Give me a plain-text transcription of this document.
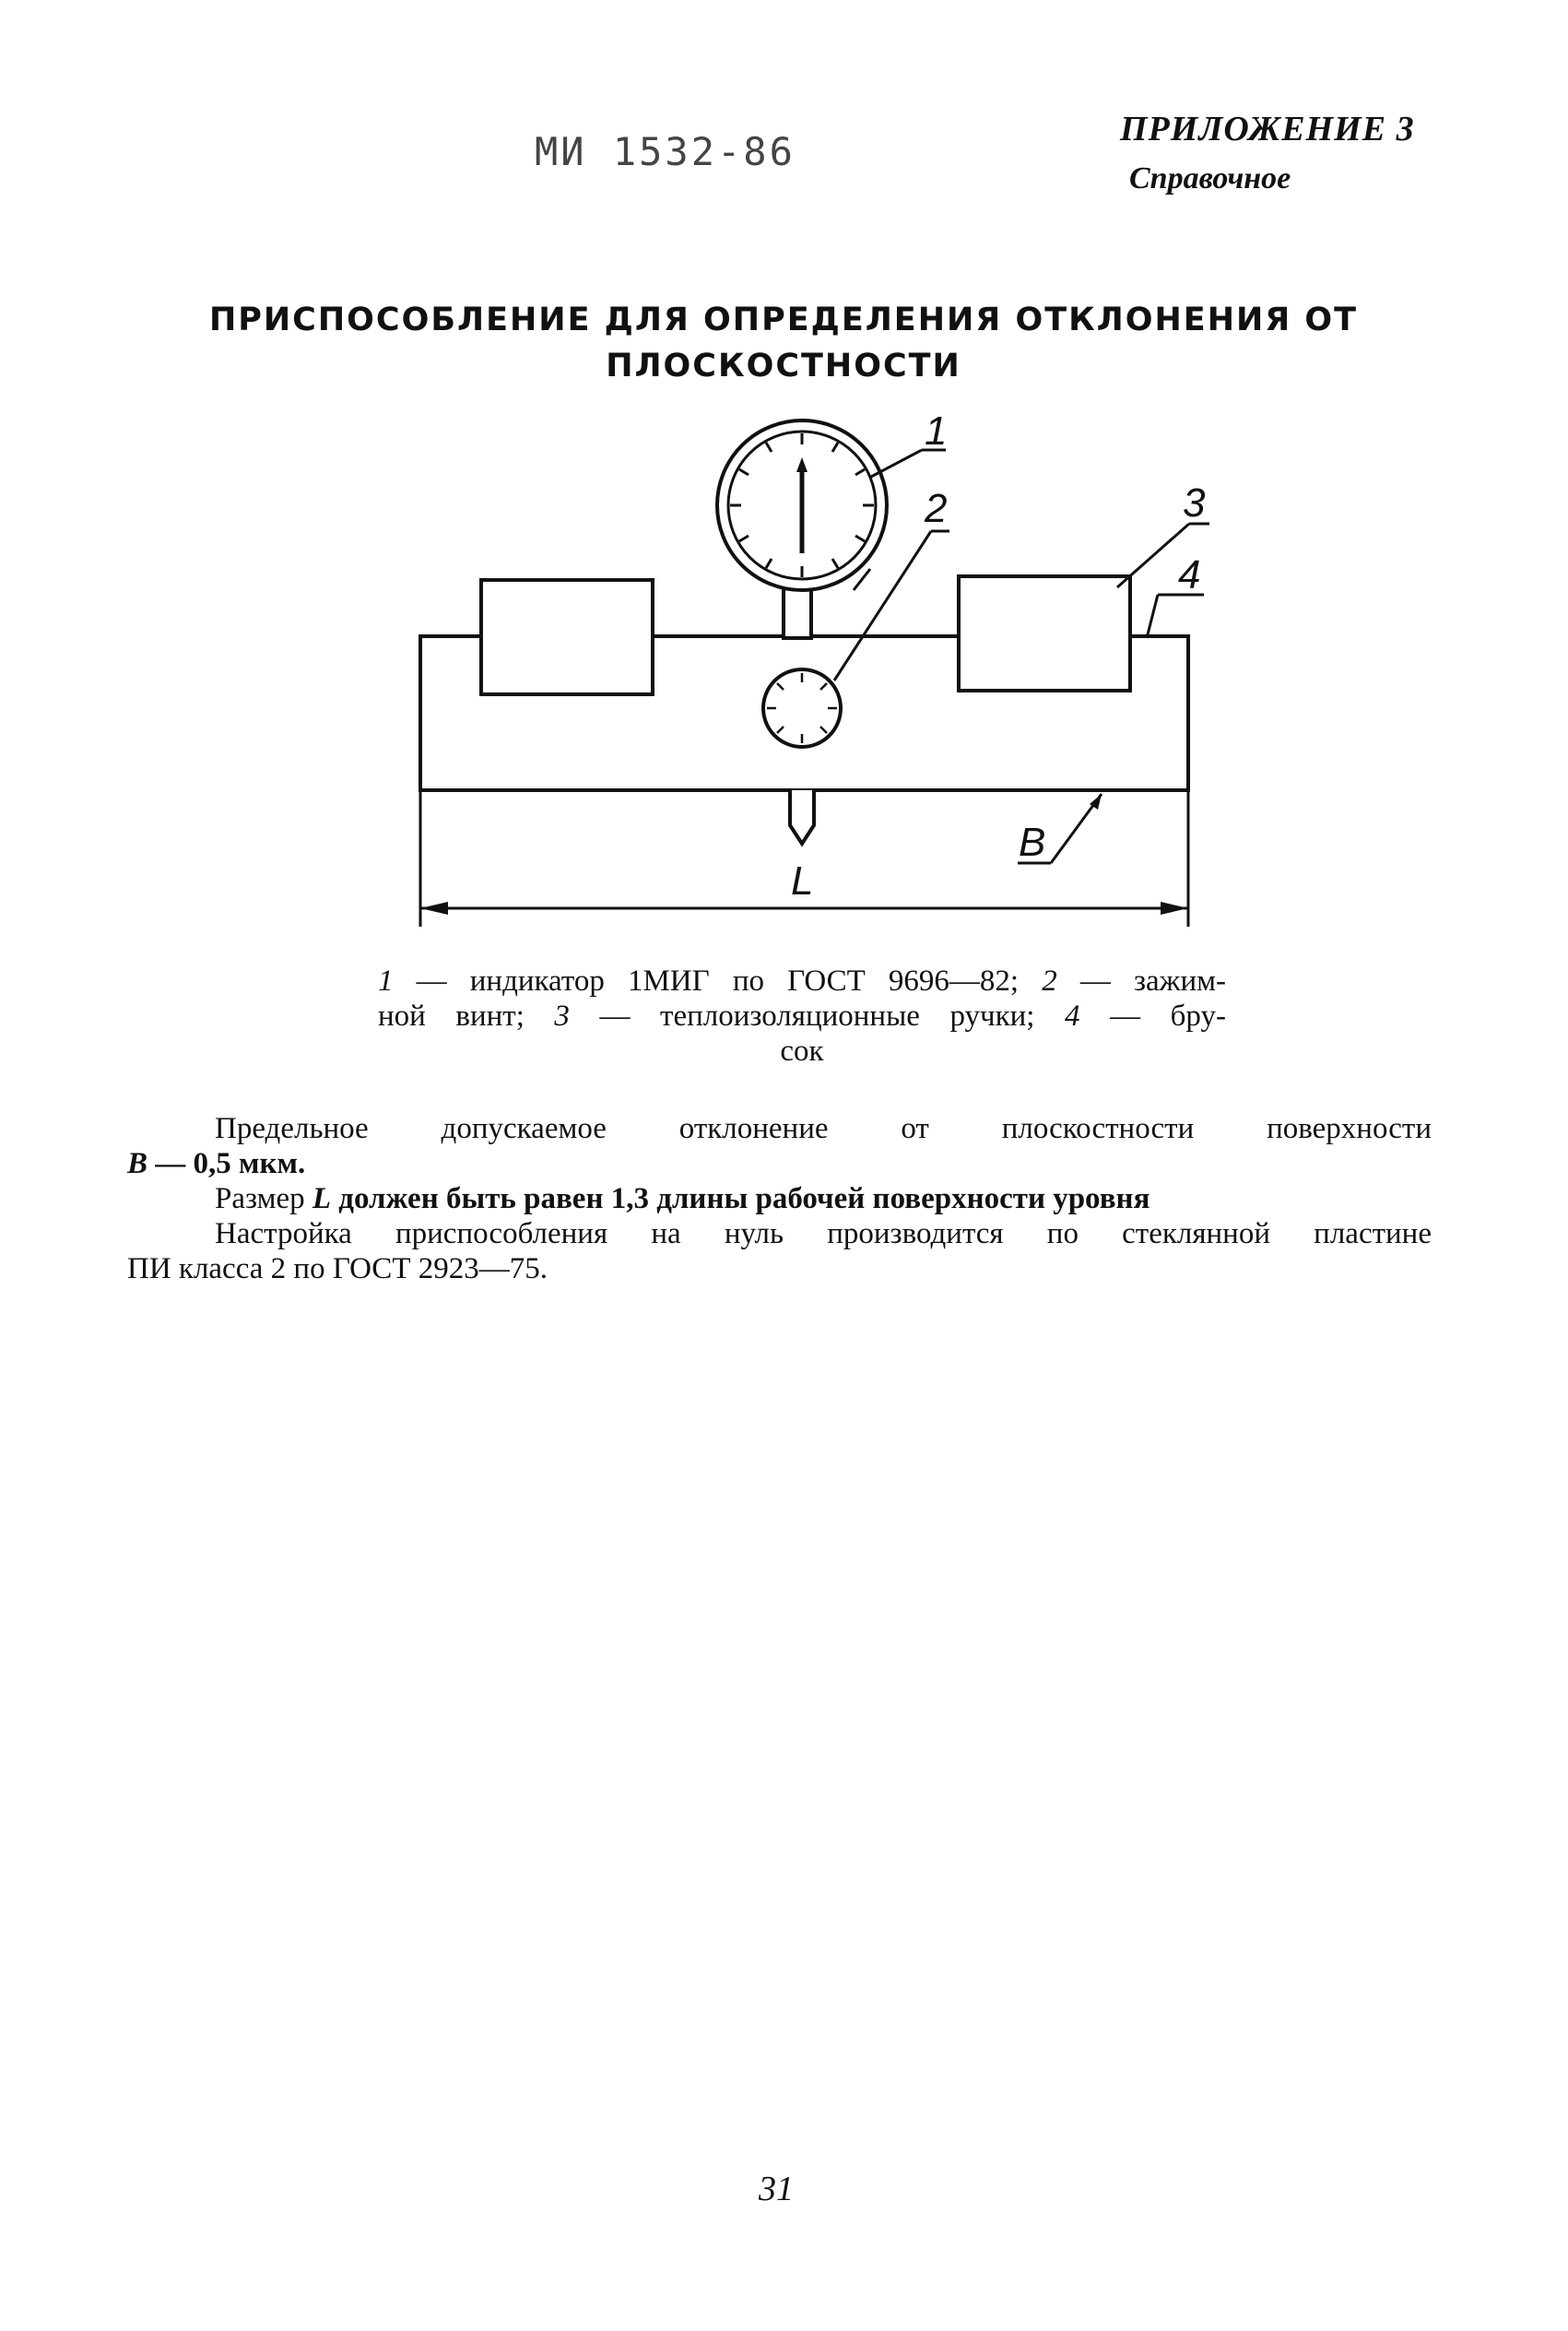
МИ 1532-86	ПРИЛОЖЕНИЕ 3
Справочное
ПРИСПОСОБЛЕНИЕ ДЛЯ ОПРЕДЕЛЕНИЯ ОТКЛОНЕНИЯ ОТ
ПЛОСКОСТНОСТИ
1
2	3
4
В
L
1 — индикатор 1МИГ по ГОСТ 9696—82; 2 — зажим-
ной винт; 3 — теплоизоляционные ручки; 4 — бру-
сок
Предельное допускаемое отклонение от плоскостности поверхности
В — 0,5 мкм.
Размер L должен быть равен 1,3 длины рабочей поверхности уровня
Настройка приспособления на нуль производится по стеклянной пластине
ПИ класса 2 по ГОСТ 2923—75.
31
